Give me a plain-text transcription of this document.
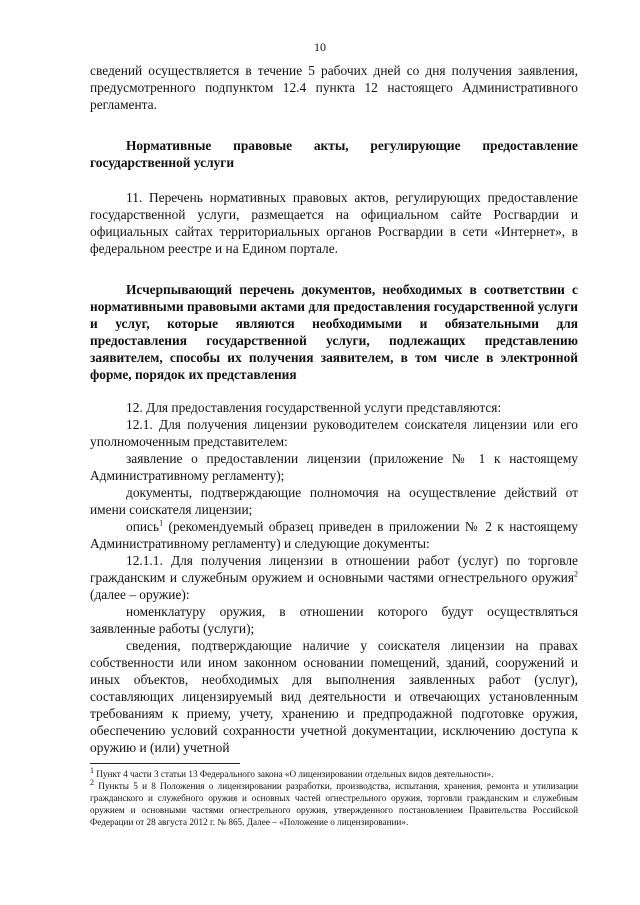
10

сведений осуществляется в течение 5 рабочих дней со дня получения заявления, предусмотренного подпунктом 12.4 пункта 12 настоящего Административного регламента.

Нормативные правовые акты, регулирующие предоставление государственной услуги

11. Перечень нормативных правовых актов, регулирующих предоставление государственной услуги, размещается на официальном сайте Росгвардии и официальных сайтах территориальных органов Росгвардии в сети «Интернет», в федеральном реестре и на Едином портале.

Исчерпывающий перечень документов, необходимых в соответствии с нормативными правовыми актами для предоставления государственной услуги и услуг, которые являются необходимыми и обязательными для предоставления государственной услуги, подлежащих представлению заявителем, способы их получения заявителем, в том числе в электронной форме, порядок их представления

12. Для предоставления государственной услуги представляются:

12.1. Для получения лицензии руководителем соискателя лицензии или его уполномоченным представителем:

заявление о предоставлении лицензии (приложение № 1 к настоящему Административному регламенту);

документы, подтверждающие полномочия на осуществление действий от имени соискателя лицензии;

опись$^1$ (рекомендуемый образец приведен в приложении № 2 к настоящему Административному регламенту) и следующие документы:

12.1.1. Для получения лицензии в отношении работ (услуг) по торговле гражданским и служебным оружием и основными частями огнестрельного оружия$^2$ (далее – оружие):

номенклатуру оружия, в отношении которого будут осуществляться заявленные работы (услуги);

сведения, подтверждающие наличие у соискателя лицензии на правах собственности или ином законном основании помещений, зданий, сооружений и иных объектов, необходимых для выполнения заявленных работ (услуг), составляющих лицензируемый вид деятельности и отвечающих установленным требованиям к приему, учету, хранению и предпродажной подготовке оружия, обеспечению условий сохранности учетной документации, исключению доступа к оружию и (или) учетной

$^1$ Пункт 4 части 3 статьи 13 Федерального закона «О лицензировании отдельных видов деятельности».

$^2$ Пункты 5 и 8 Положения о лицензировании разработки, производства, испытания, хранения, ремонта и утилизации гражданского и служебного оружия и основных частей огнестрельного оружия, торговли гражданским и служебным оружием и основными частями огнестрельного оружия, утвержденного постановлением Правительства Российской Федерации от 28 августа 2012 г. № 865. Далее – «Положение о лицензировании».
